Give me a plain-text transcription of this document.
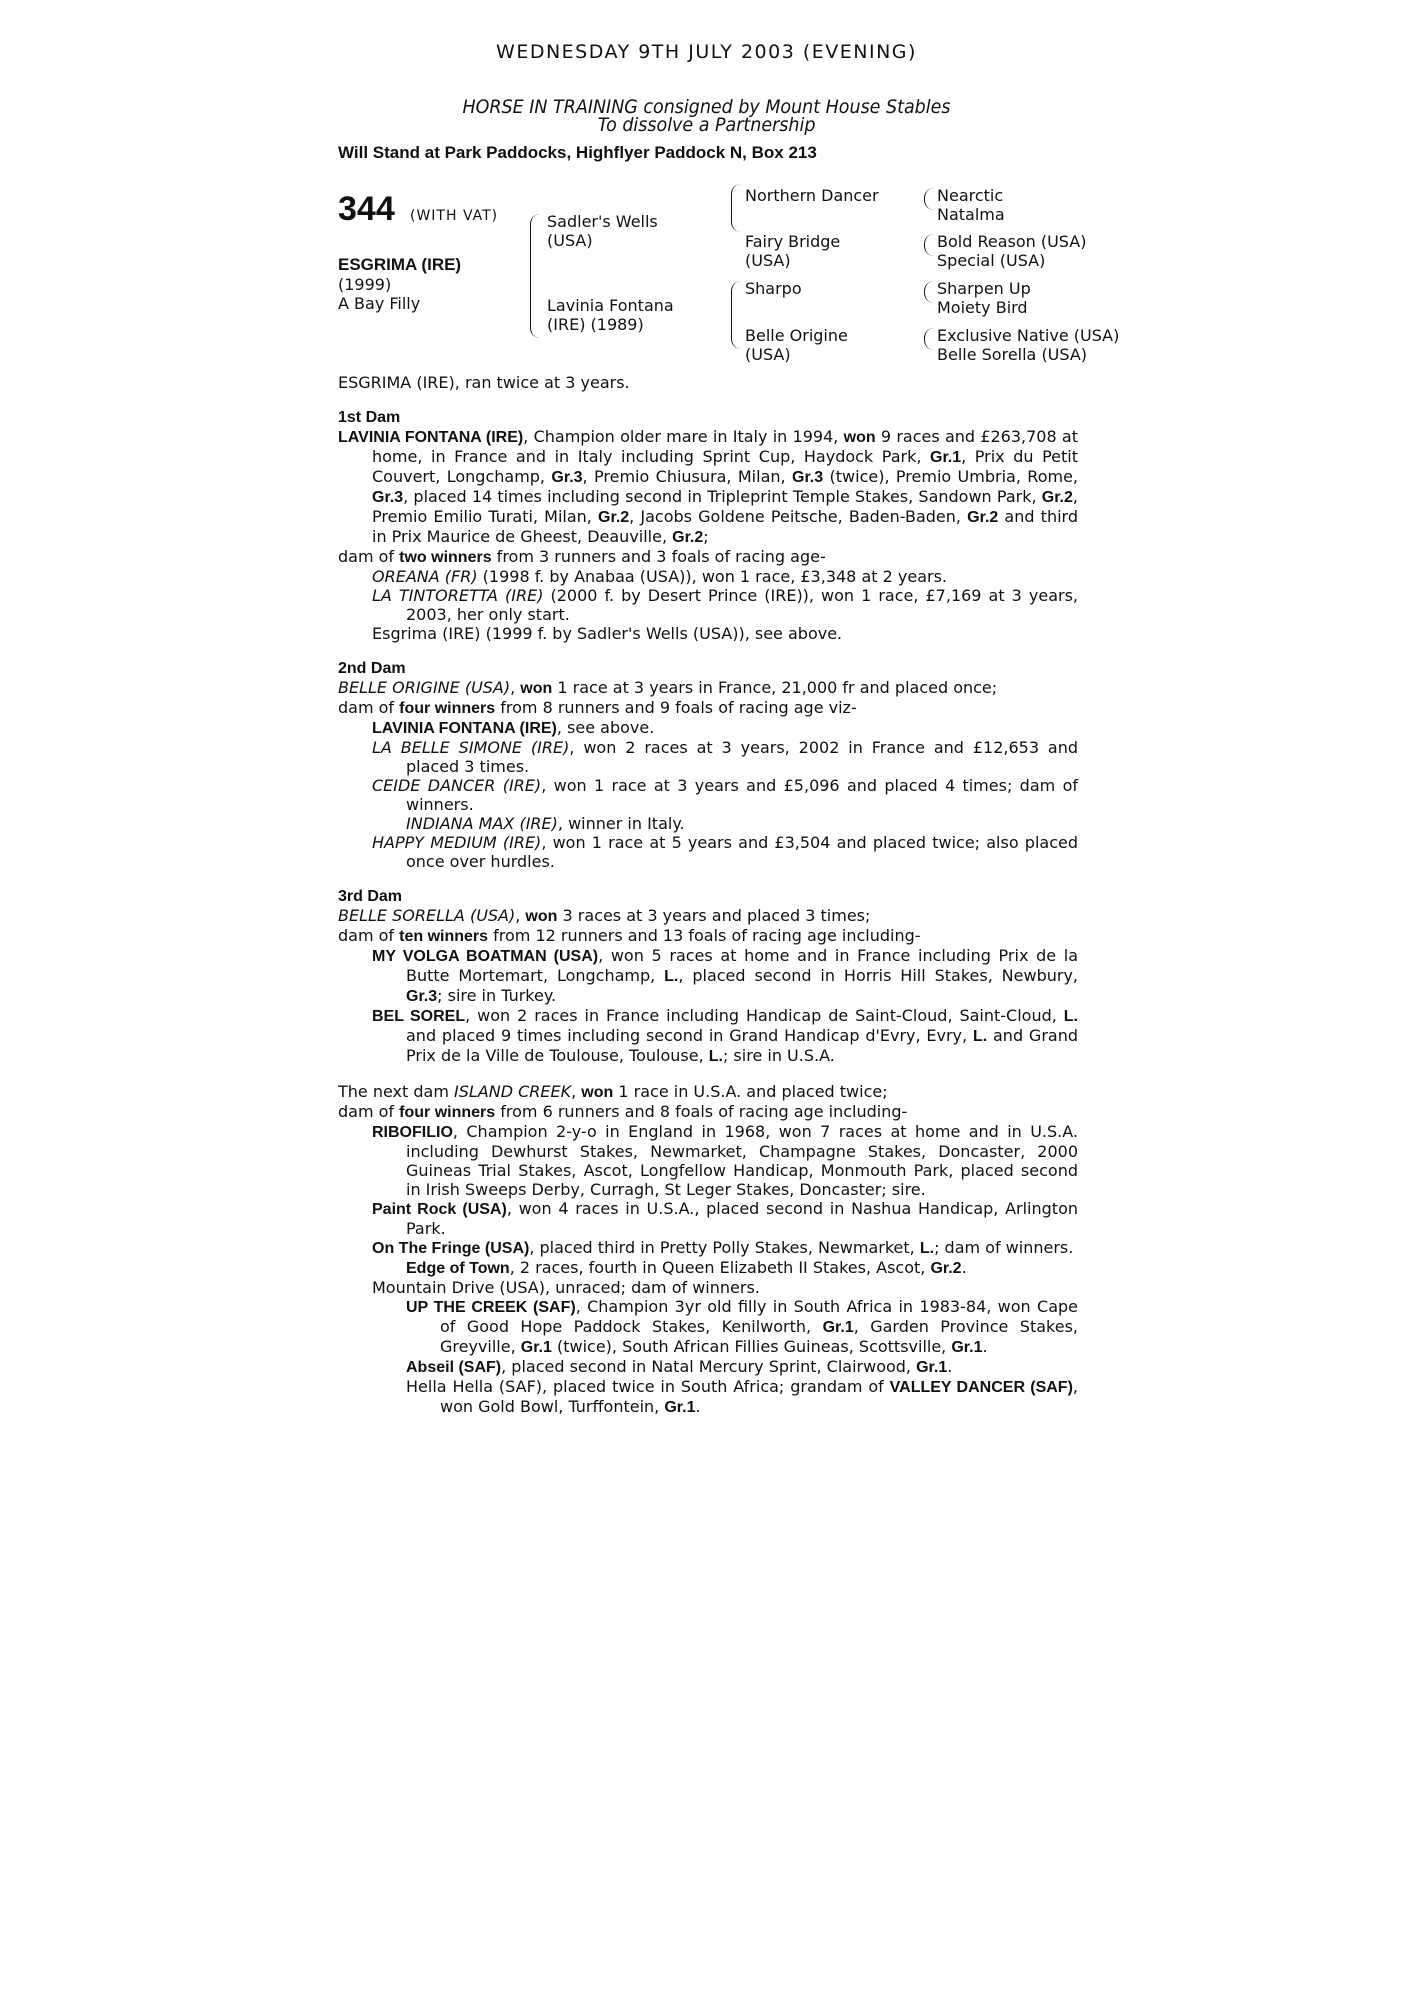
WEDNESDAY 9TH JULY 2003 (EVENING)
HORSE IN TRAINING consigned by Mount House Stables
To dissolve a Partnership
Will Stand at Park Paddocks, Highflyer Paddock N, Box 213
344 (WITH VAT)
ESGRIMA (IRE)
(1999)
A Bay Filly
Sadler's Wells (USA)
Lavinia Fontana (IRE) (1989)
Northern Dancer
Fairy Bridge (USA)
Sharpo
Belle Origine (USA)
Nearctic
Natalma
Bold Reason (USA)
Special (USA)
Sharpen Up
Moiety Bird
Exclusive Native (USA)
Belle Sorella (USA)

ESGRIMA (IRE), ran twice at 3 years.

1st Dam

LAVINIA FONTANA (IRE), Champion older mare in Italy in 1994, won 9 races and £263,708 at home, in France and in Italy including Sprint Cup, Haydock Park, Gr.1, Prix du Petit Couvert, Longchamp, Gr.3, Premio Chiusura, Milan, Gr.3 (twice), Premio Umbria, Rome, Gr.3, placed 14 times including second in Tripleprint Temple Stakes, Sandown Park, Gr.2, Premio Emilio Turati, Milan, Gr.2, Jacobs Goldene Peitsche, Baden-Baden, Gr.2 and third in Prix Maurice de Gheest, Deauville, Gr.2;

dam of two winners from 3 runners and 3 foals of racing age-

OREANA (FR) (1998 f. by Anabaa (USA)), won 1 race, £3,348 at 2 years.

LA TINTORETTA (IRE) (2000 f. by Desert Prince (IRE)), won 1 race, £7,169 at 3 years, 2003, her only start.

Esgrima (IRE) (1999 f. by Sadler's Wells (USA)), see above.

2nd Dam

BELLE ORIGINE (USA), won 1 race at 3 years in France, 21,000 fr and placed once;

dam of four winners from 8 runners and 9 foals of racing age viz-

LAVINIA FONTANA (IRE), see above.

LA BELLE SIMONE (IRE), won 2 races at 3 years, 2002 in France and £12,653 and placed 3 times.

CEIDE DANCER (IRE), won 1 race at 3 years and £5,096 and placed 4 times; dam of winners.

INDIANA MAX (IRE), winner in Italy.

HAPPY MEDIUM (IRE), won 1 race at 5 years and £3,504 and placed twice; also placed once over hurdles.

3rd Dam

BELLE SORELLA (USA), won 3 races at 3 years and placed 3 times;

dam of ten winners from 12 runners and 13 foals of racing age including-

MY VOLGA BOATMAN (USA), won 5 races at home and in France including Prix de la Butte Mortemart, Longchamp, L., placed second in Horris Hill Stakes, Newbury, Gr.3; sire in Turkey.

BEL SOREL, won 2 races in France including Handicap de Saint-Cloud, Saint-Cloud, L. and placed 9 times including second in Grand Handicap d'Evry, Evry, L. and Grand Prix de la Ville de Toulouse, Toulouse, L.; sire in U.S.A.

The next dam ISLAND CREEK, won 1 race in U.S.A. and placed twice;

dam of four winners from 6 runners and 8 foals of racing age including-

RIBOFILIO, Champion 2-y-o in England in 1968, won 7 races at home and in U.S.A. including Dewhurst Stakes, Newmarket, Champagne Stakes, Doncaster, 2000 Guineas Trial Stakes, Ascot, Longfellow Handicap, Monmouth Park, placed second in Irish Sweeps Derby, Curragh, St Leger Stakes, Doncaster; sire.

Paint Rock (USA), won 4 races in U.S.A., placed second in Nashua Handicap, Arlington Park.

On The Fringe (USA), placed third in Pretty Polly Stakes, Newmarket, L.; dam of winners.

Edge of Town, 2 races, fourth in Queen Elizabeth II Stakes, Ascot, Gr.2.

Mountain Drive (USA), unraced; dam of winners.

UP THE CREEK (SAF), Champion 3yr old filly in South Africa in 1983-84, won Cape of Good Hope Paddock Stakes, Kenilworth, Gr.1, Garden Province Stakes, Greyville, Gr.1 (twice), South African Fillies Guineas, Scottsville, Gr.1.

Abseil (SAF), placed second in Natal Mercury Sprint, Clairwood, Gr.1.

Hella Hella (SAF), placed twice in South Africa; grandam of VALLEY DANCER (SAF), won Gold Bowl, Turffontein, Gr.1.
